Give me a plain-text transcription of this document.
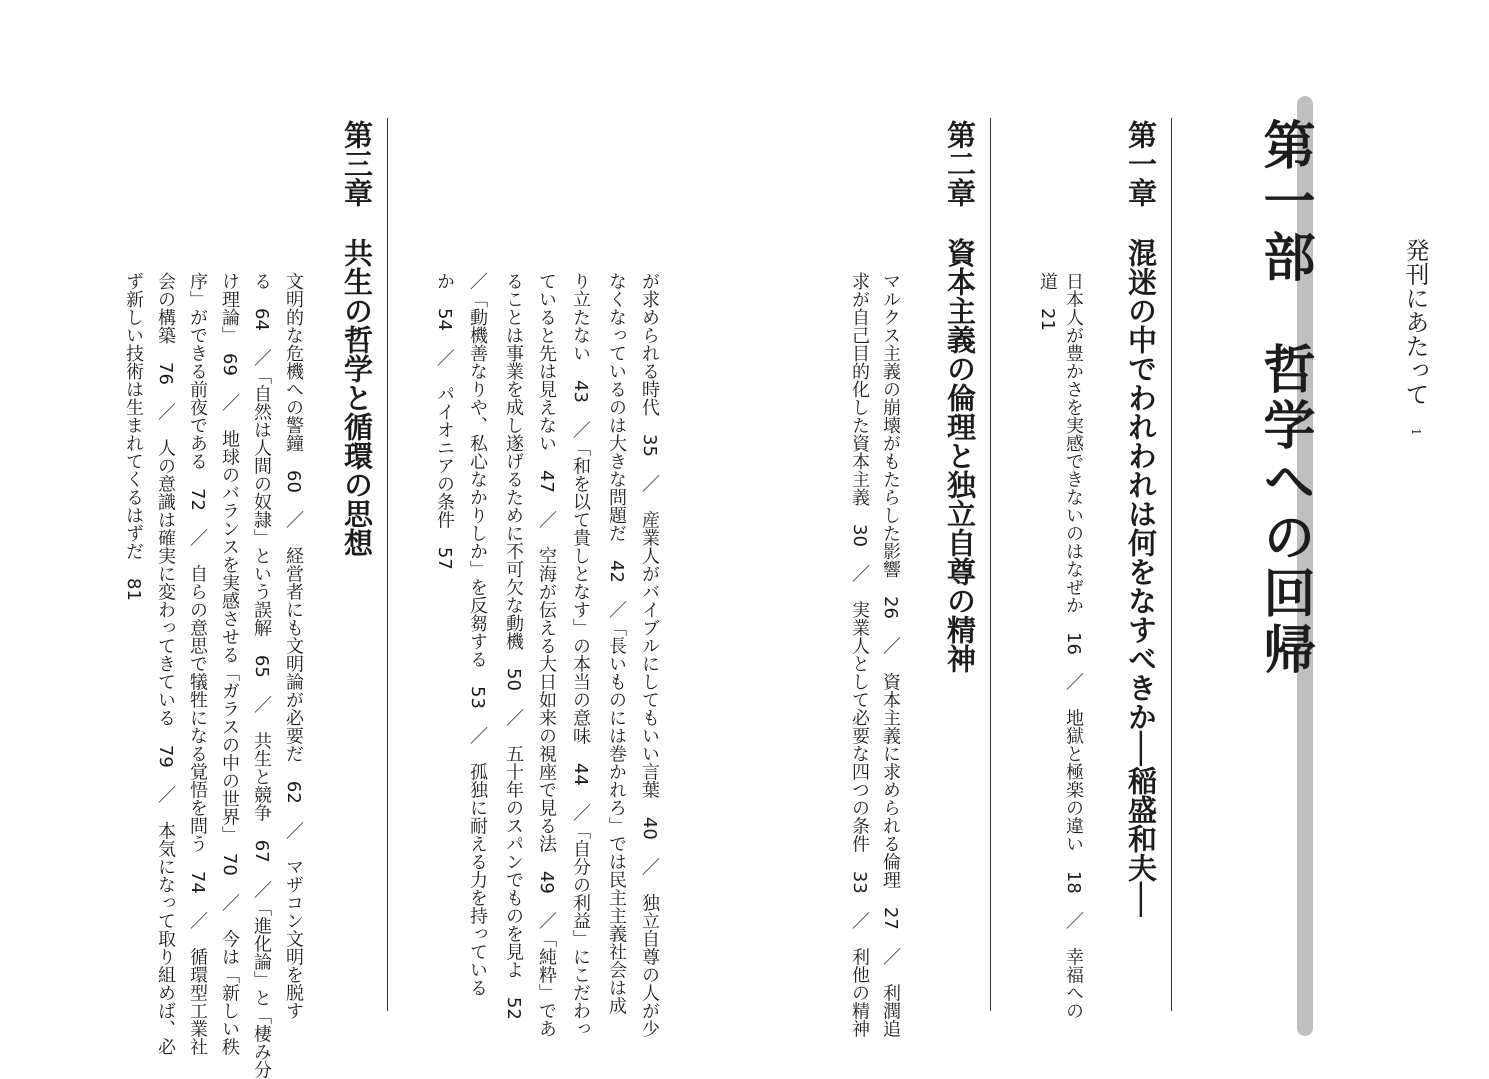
発刊にあたって
1
第一部　哲学への回帰
第一章
混迷の中でわれわれは何をなすべきか──稲盛和夫──
日本人が豊かさを実感できないのはなぜか　16　／　地獄と極楽の違い　18　／　幸福への
道　21
第二章
資本主義の倫理と独立自尊の精神
マルクス主義の崩壊がもたらした影響　26　／　資本主義に求められる倫理　27　／　利潤追
求が自己目的化した資本主義　30　／　実業人として必要な四つの条件　33　／　利他の精神
が求められる時代　35　／　産業人がバイブルにしてもいい言葉　40　／　独立自尊の人が少
なくなっているのは大きな問題だ　42　／「長いものには巻かれろ」では民主主義社会は成
り立たない　43　／「和を以て貴しとなす」の本当の意味　44　／「自分の利益」にこだわっ
ていると先は見えない　47　／　空海が伝える大日如来の視座で見る法　49　／「純粋」であ
ることは事業を成し遂げるために不可欠な動機　50　／　五十年のスパンでものを見よ　52
／「動機善なりや、私心なかりしか」を反芻する　53　／　孤独に耐える力を持っている
か　54　／　パイオニアの条件　57
第三章
共生の哲学と循環の思想
文明的な危機への警鐘　60　／　経営者にも文明論が必要だ　62　／　マザコン文明を脱す
る　64　／「自然は人間の奴隷」という誤解　65　／　共生と競争　67　／「進化論」と「棲み分
け理論」　69　／　地球のバランスを実感させる「ガラスの中の世界」　70　／　今は「新しい秩
序」ができる前夜である　72　／　自らの意思で犠牲になる覚悟を問う　74　／　循環型工業社
会の構築　76　／　人の意識は確実に変わってきている　79　／　本気になって取り組めば、必
ず新しい技術は生まれてくるはずだ　81
